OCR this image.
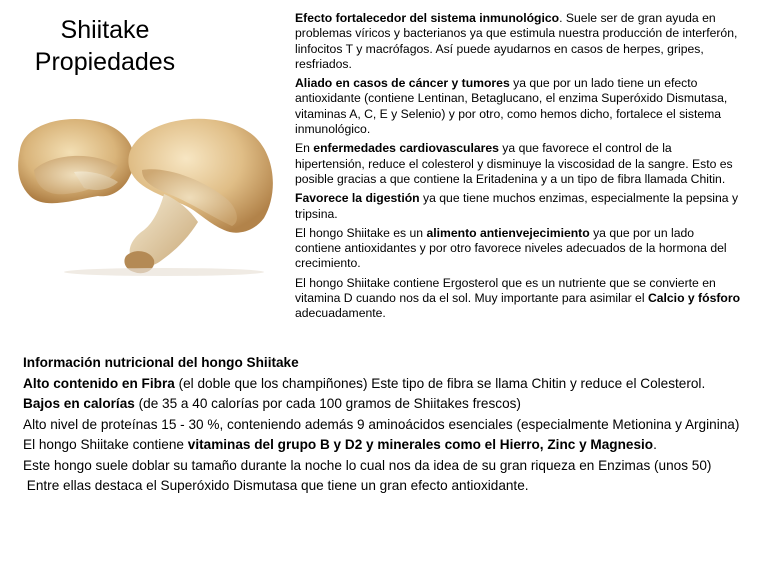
Shiitake
Propiedades

Efecto fortalecedor del sistema inmunológico. Suele ser de gran ayuda en problemas víricos y bacterianos ya que estimula nuestra producción de interferón, linfocitos T y macrófagos. Así puede ayudarnos en casos de herpes, gripes, resfriados.

Aliado en casos de cáncer y tumores ya que por un lado tiene un efecto antioxidante (contiene Lentinan, Betaglucano, el enzima Superóxido Dismutasa, vitaminas A, C, E y Selenio) y por otro, como hemos dicho, fortalece el sistema inmunológico.

En enfermedades cardiovasculares ya que favorece el control de la hipertensión, reduce el colesterol y disminuye la viscosidad de la sangre. Esto es posible gracias a que contiene la Eritadenina y a un tipo de fibra llamada Chitin.

Favorece la digestión ya que tiene muchos enzimas, especialmente la pepsina y tripsina.

El hongo Shiitake es un alimento antienvejecimiento ya que por un lado contiene antioxidantes y por otro favorece niveles adecuados de la hormona del crecimiento.

El hongo Shiitake contiene Ergosterol que es un nutriente que se convierte en vitamina D cuando nos da el sol. Muy importante para asimilar el Calcio y fósforo adecuadamente.

Información nutricional del hongo Shiitake

Alto contenido en Fibra (el doble que los champiñones) Este tipo de fibra se llama Chitin y reduce el Colesterol.

Bajos en calorías (de 35 a 40 calorías por cada 100 gramos de Shiitakes frescos)

Alto nivel de proteínas 15 - 30 %, conteniendo además 9 aminoácidos esenciales (especialmente Metionina y Arginina)

El hongo Shiitake contiene vitaminas del grupo B y D2 y minerales como el Hierro, Zinc y Magnesio.

Este hongo suele doblar su tamaño durante la noche lo cual nos da idea de su gran riqueza en Enzimas (unos 50)

Entre ellas destaca el Superóxido Dismutasa que tiene un gran efecto antioxidante.
